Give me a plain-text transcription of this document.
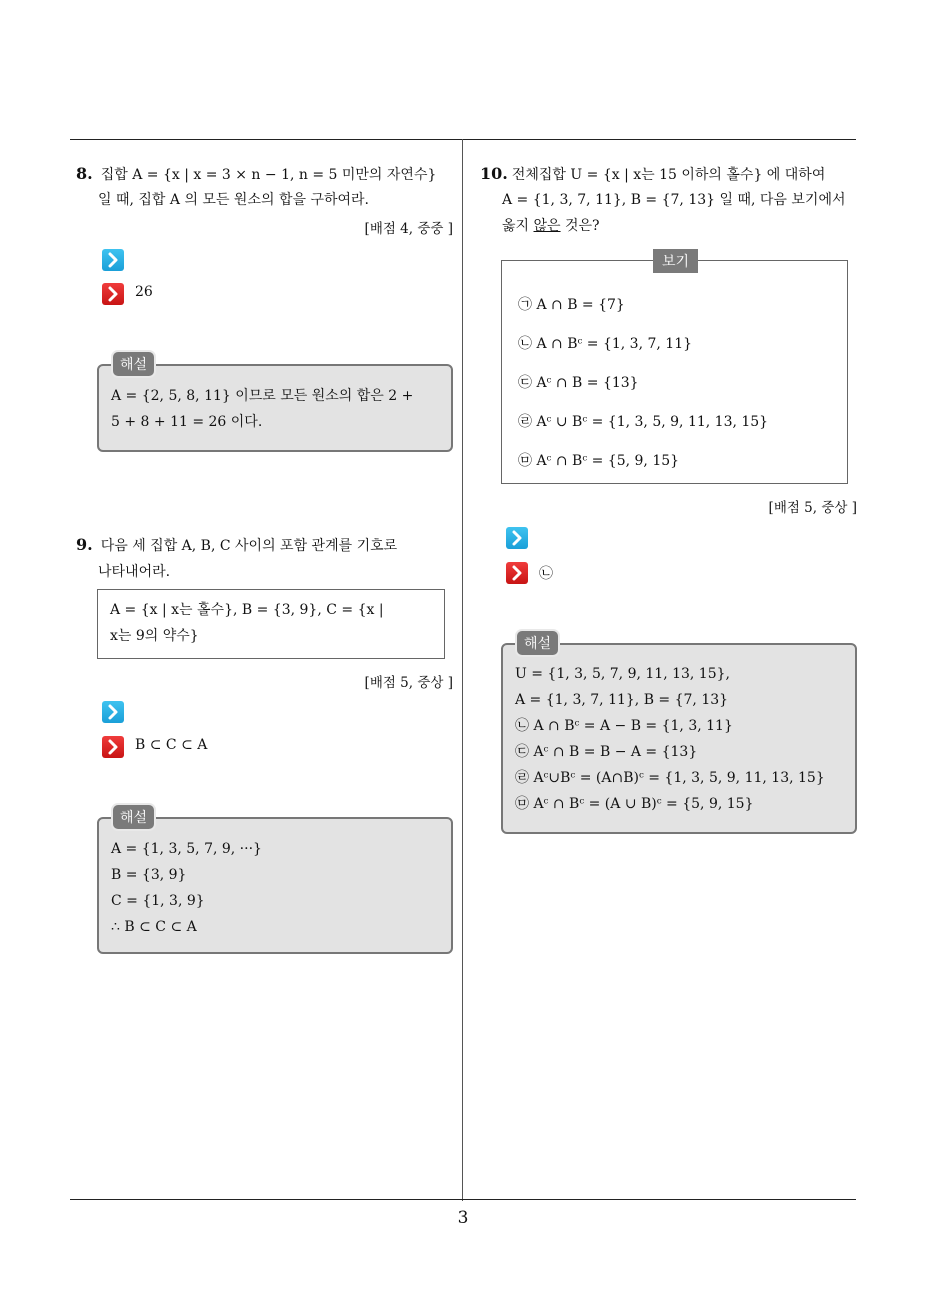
3
8. 집합 A = {x | x = 3 × n − 1, n = 5 미만의 자연수}
일 때, 집합 A 의 모든 원소의 합을 구하여라.
[배점 4, 중중 ]
26
A = {2, 5, 8, 11} 이므로 모든 원소의 합은 2 +
5 + 8 + 11 = 26 이다.
해설
9. 다음 세 집합 A, B, C 사이의 포함 관계를 기호로
나타내어라.
A = {x | x는 홀수}, B = {3, 9}, C = {x |
x는 9의 약수}
[배점 5, 중상 ]
B ⊂ C ⊂ A
A = {1, 3, 5, 7, 9, ···}
B = {3, 9}
C = {1, 3, 9}
∴ B ⊂ C ⊂ A
해설
10. 전체집합 U = {x | x는 15 이하의 홀수} 에 대하여
A = {1, 3, 7, 11}, B = {7, 13} 일 때, 다음 보기에서
옳지 않은 것은?
㉠ A ∩ B = {7}
㉡ A ∩ Bᶜ = {1, 3, 7, 11}
㉢ Aᶜ ∩ B = {13}
㉣ Aᶜ ∪ Bᶜ = {1, 3, 5, 9, 11, 13, 15}
㉤ Aᶜ ∩ Bᶜ = {5, 9, 15}
보기
[배점 5, 중상 ]
㉡
U = {1, 3, 5, 7, 9, 11, 13, 15},
A = {1, 3, 7, 11}, B = {7, 13}
㉡ A ∩ Bᶜ = A − B = {1, 3, 11}
㉢ Aᶜ ∩ B = B − A = {13}
㉣ Aᶜ∪Bᶜ = (A∩B)ᶜ = {1, 3, 5, 9, 11, 13, 15}
㉤ Aᶜ ∩ Bᶜ = (A ∪ B)ᶜ = {5, 9, 15}
해설
